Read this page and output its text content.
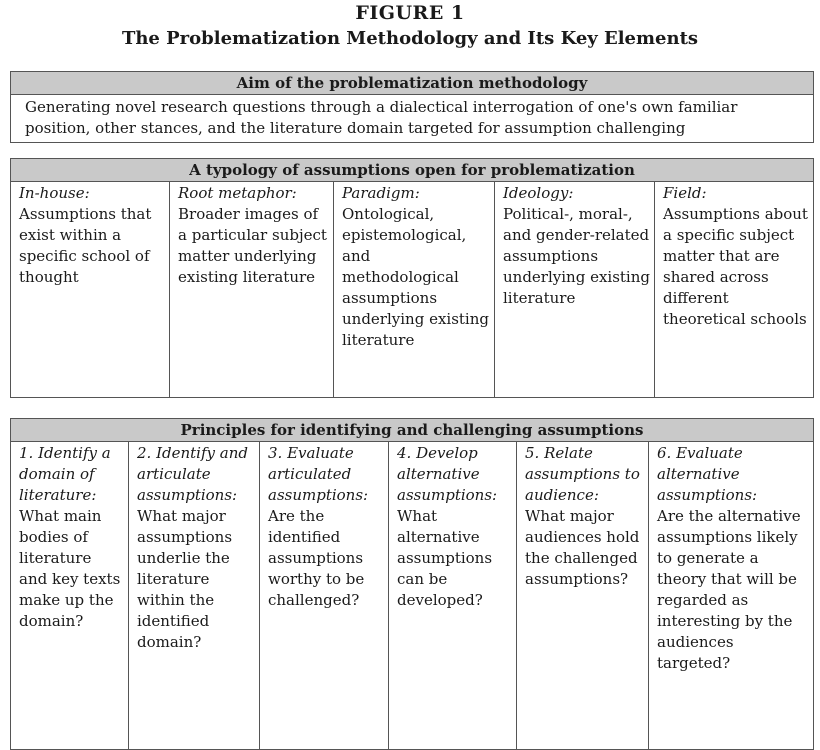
FIGURE 1
The Problematization Methodology and Its Key Elements
Aim of the problematization methodology
Generating novel research questions through a dialectical interrogation of one's own familiar position, other stances, and the literature domain targeted for assumption challenging
A typology of assumptions open for problematization
In-house:
Assumptions that exist within a specific school of thought
Root metaphor:
Broader images of a particular subject matter underlying existing literature
Paradigm:
Ontological, epistemological, and methodological assumptions underlying existing literature
Ideology:
Political-, moral-, and gender-related assumptions underlying existing literature
Field:
Assumptions about a specific subject matter that are shared across different theoretical schools
Principles for identifying and challenging assumptions
1. Identify a domain of literature:
What main bodies of literature and key texts make up the domain?
2. Identify and articulate assumptions:
What major assumptions underlie the literature within the identified domain?
3. Evaluate articulated assumptions:
Are the identified assumptions worthy to be challenged?
4. Develop alternative assumptions:
What alternative assumptions can be developed?
5. Relate assumptions to audience:
What major audiences hold the challenged assumptions?
6. Evaluate alternative assumptions:
Are the alternative assumptions likely to generate a theory that will be regarded as interesting by the audiences targeted?
